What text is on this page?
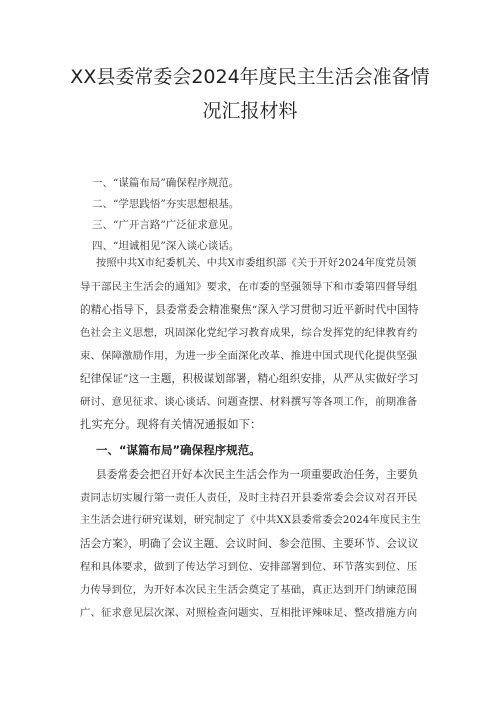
XX县委常委会2024年度民主生活会准备情
况汇报材料
一、“谋篇布局”确保程序规范。
二、“学思践悟”夯实思想根基。
三、“广开言路”广泛征求意见。
四、“坦诚相见”深入谈心谈话。
按照中共X市纪委机关、中共X市委组织部《关于开好2024年度党员领
导干部民主生活会的通知》要求，在市委的坚强领导下和市委第四督导组
的精心指导下，县委常委会精准聚焦“深入学习贯彻习近平新时代中国特
色社会主义思想，巩固深化党纪学习教育成果，综合发挥党的纪律教育约
束、保障激励作用，为进一步全面深化改革、推进中国式现代化提供坚强
纪律保证”这一主题，积极谋划部署，精心组织安排，从严从实做好学习
研讨、意见征求、谈心谈话、问题查摆、材料撰写等各项工作，前期准备
扎实充分。现将有关情况通报如下：
一、“谋篇布局”确保程序规范。
县委常委会把召开好本次民主生活会作为一项重要政治任务，主要负
责同志切实履行第一责任人责任，及时主持召开县委常委会会议对召开民
主生活会进行研究谋划，研究制定了《中共XX县委常委会2024年度民主生
活会方案》，明确了会议主题、会议时间、参会范围、主要环节、会议议
程和具体要求，做到了传达学习到位、安排部署到位、环节落实到位、压
力传导到位，为开好本次民主生活会奠定了基础，真正达到开门纳谏范围
广、征求意见层次深、对照检查问题实、互相批评辣味足、整改措施方向
